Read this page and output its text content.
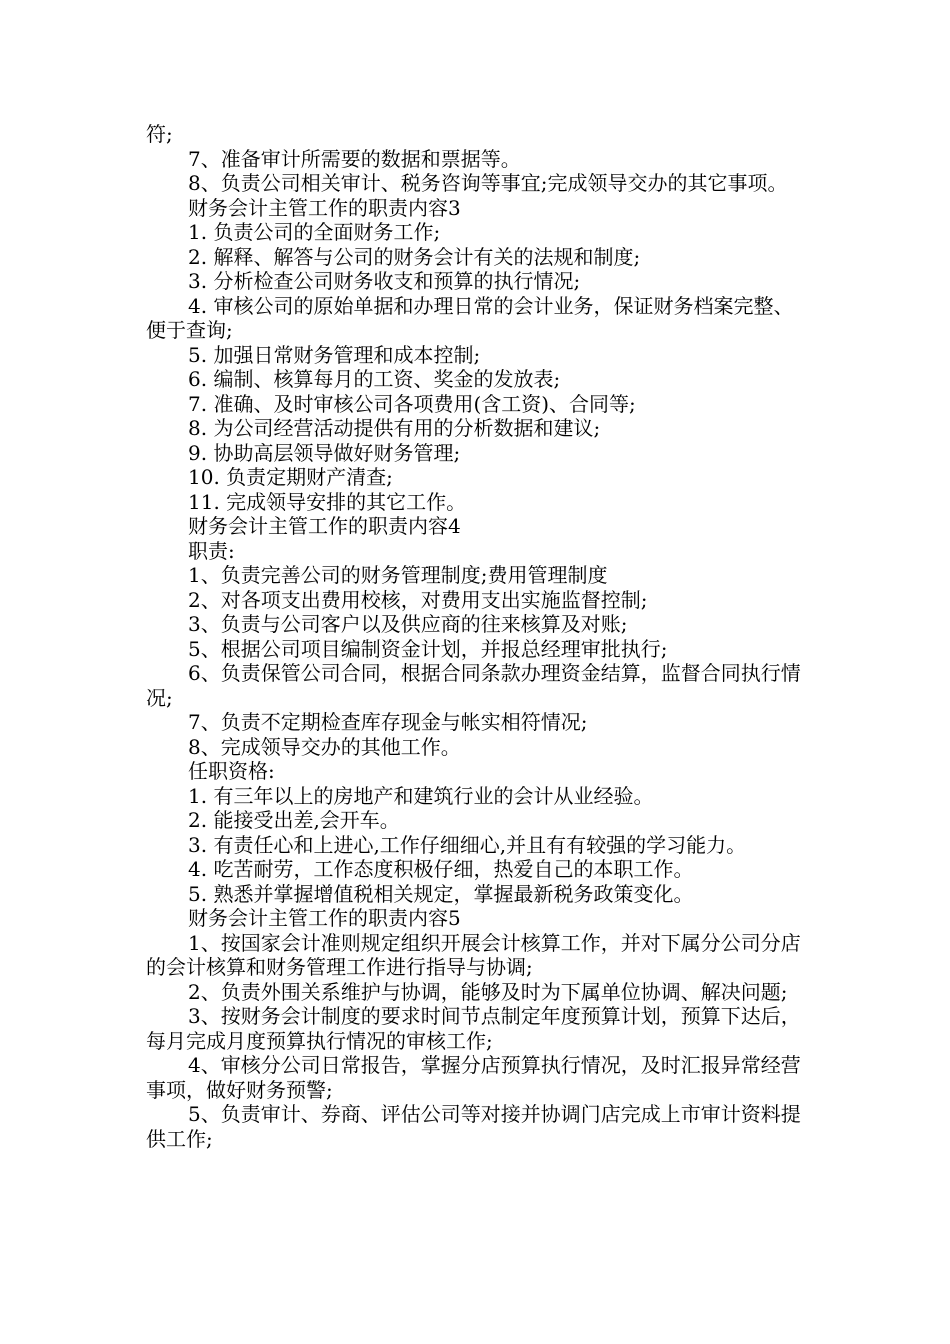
符;

7、准备审计所需要的数据和票据等。

8、负责公司相关审计、税务咨询等事宜;完成领导交办的其它事项。

财务会计主管工作的职责内容3

1. 负责公司的全面财务工作;

2. 解释、解答与公司的财务会计有关的法规和制度;

3. 分析检查公司财务收支和预算的执行情况;

4. 审核公司的原始单据和办理日常的会计业务，保证财务档案完整、便于查询;

5. 加强日常财务管理和成本控制;

6. 编制、核算每月的工资、奖金的发放表;

7. 准确、及时审核公司各项费用(含工资)、合同等;

8. 为公司经营活动提供有用的分析数据和建议;

9. 协助高层领导做好财务管理;

10. 负责定期财产清查;

11. 完成领导安排的其它工作。

财务会计主管工作的职责内容4

职责:

1、负责完善公司的财务管理制度;费用管理制度

2、对各项支出费用校核，对费用支出实施监督控制;

3、负责与公司客户以及供应商的往来核算及对账;

5、根据公司项目编制资金计划，并报总经理审批执行;

6、负责保管公司合同，根据合同条款办理资金结算，监督合同执行情况;

7、负责不定期检查库存现金与帐实相符情况;

8、完成领导交办的其他工作。

任职资格:

1. 有三年以上的房地产和建筑行业的会计从业经验。

2. 能接受出差,会开车。

3. 有责任心和上进心,工作仔细细心,并且有有较强的学习能力。

4. 吃苦耐劳，工作态度积极仔细，热爱自己的本职工作。

5. 熟悉并掌握增值税相关规定，掌握最新税务政策变化。

财务会计主管工作的职责内容5

1、按国家会计准则规定组织开展会计核算工作，并对下属分公司分店的会计核算和财务管理工作进行指导与协调;

2、负责外围关系维护与协调，能够及时为下属单位协调、解决问题;

3、按财务会计制度的要求时间节点制定年度预算计划，预算下达后，每月完成月度预算执行情况的审核工作;

4、审核分公司日常报告，掌握分店预算执行情况，及时汇报异常经营事项，做好财务预警;

5、负责审计、券商、评估公司等对接并协调门店完成上市审计资料提供工作;
